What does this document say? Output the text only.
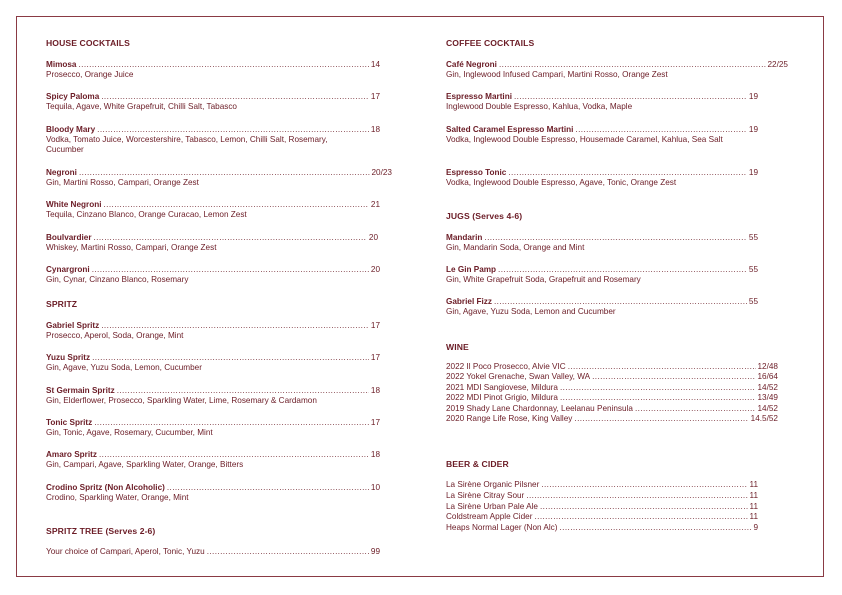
HOUSE COCKTAILS
Mimosa .....	14
Prosecco, Orange Juice
Spicy Paloma .....	17
Tequila, Agave, White Grapefruit, Chilli Salt, Tabasco
Bloody Mary .....	18
Vodka, Tomato Juice, Worcestershire, Tabasco, Lemon, Chilli Salt, Rosemary, Cucumber
Negroni .....	20/23
Gin, Martini Rosso, Campari, Orange Zest
White Negroni .....	21
Tequila, Cinzano Blanco, Orange Curacao, Lemon Zest
Boulvardier .....	20
Whiskey, Martini Rosso, Campari, Orange Zest
Cynargroni .....	20
Gin, Cynar, Cinzano Blanco, Rosemary
SPRITZ
Gabriel Spritz .....	17
Prosecco, Aperol, Soda, Orange, Mint
Yuzu Spritz .....	17
Gin, Agave, Yuzu Soda, Lemon, Cucumber
St Germain Spritz .....	18
Gin, Elderflower, Prosecco, Sparkling Water, Lime, Rosemary & Cardamon
Tonic Spritz .....	17
Gin, Tonic, Agave, Rosemary, Cucumber, Mint
Amaro Spritz .....	18
Gin, Campari, Agave, Sparkling Water, Orange, Bitters
Crodino Spritz (Non Alcoholic) .....	10
Crodino, Sparkling Water, Orange, Mint
SPRITZ TREE (Serves 2-6)
Your choice of Campari, Aperol, Tonic, Yuzu .....	99
COFFEE COCKTAILS
Café Negroni .....	22/25
Gin, Inglewood Infused Campari, Martini Rosso, Orange Zest
Espresso Martini .....	19
Inglewood Double Espresso, Kahlua, Vodka, Maple
Salted Caramel Espresso Martini .....	19
Vodka, Inglewood Double Espresso, Housemade Caramel, Kahlua, Sea Salt
Espresso Tonic .....	19
Vodka, Inglewood Double Espresso, Agave, Tonic, Orange Zest
JUGS (Serves 4-6)
Mandarin .....	55
Gin, Mandarin Soda, Orange and Mint
Le Gin Pamp .....	55
Gin, White Grapefruit Soda, Grapefruit and Rosemary
Gabriel Fizz .....	55
Gin, Agave, Yuzu Soda, Lemon and Cucumber
WINE
2022 Il Poco Prosecco, Alvie VIC .....	12/48
2022 Yokel Grenache, Swan Valley, WA .....	16/64
2021 MDI Sangiovese, Mildura .....	14/52
2022 MDI Pinot Grigio, Mildura .....	13/49
2019 Shady Lane Chardonnay, Leelanau Peninsula .....	14/52
2020 Range Life Rose, King Valley .....	14.5/52
BEER & CIDER
La Sirène Organic Pilsner .....	11
La Sirène Citray Sour .....	11
La Sirène Urban Pale Ale .....	11
Coldstream Apple Cider .....	11
Heaps Normal Lager (Non Alc) .....	9
